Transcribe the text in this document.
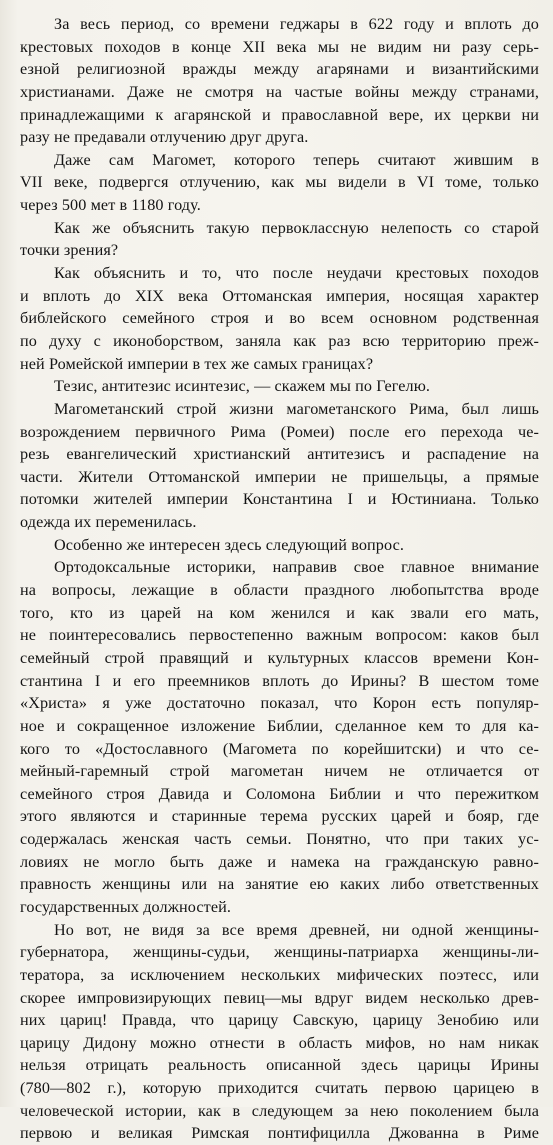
За весь период, со времени геджары в 622 году и вплоть до
крестовых походов в конце XII века мы не видим ни разу серь-
езной религиозной вражды между агарянами и византийскими
христианами. Даже не смотря на частые войны между странами,
принадлежащими к агарянской и православной вере, их церкви ни
разу не предавали отлучению друг друга.
Даже сам Магомет, которого теперь считают жившим в
VII веке, подвергся отлучению, как мы видели в VI томе, только
через 500 мет в 1180 году.
Как же объяснить такую первоклассную нелепость со старой
точки зрения?
Как объяснить и то, что после неудачи крестовых походов
и вплоть до XIX века Оттоманская империя, носящая характер
библейского семейного строя и во всем основном родственная
по духу с иконоборством, заняла как раз всю территорию преж-
ней Ромейской империи в тех же самых границах?
Тезис, антитезис исинтезис, — скажем мы по Гегелю.
Магометанский строй жизни магометанского Рима, был лишь
возрождением первичного Рима (Ромеи) после его перехода че-
резь евангелический христианский антитезисъ и распадение на
части. Жители Оттоманской империи не пришельцы, а прямые
потомки жителей империи Константина I и Юстиниана. Только
одежда их переменилась.
Особенно же интересен здесь следующий вопрос.
Ортодоксальные историки, направив свое главное внимание
на вопросы, лежащие в области праздного любопытства вроде
того, кто из царей на ком женился и как звали его мать,
не поинтересовались первостепенно важным вопросом: каков был
семейный строй правящий и культурных классов времени Кон-
стантина I и его преемников вплоть до Ирины? В шестом томе
«Христа» я уже достаточно показал, что Корон есть популяр-
ное и сокращенное изложение Библии, сделанное кем то для ка-
кого то «Достославного (Магомета по корейшитски) и что се-
мейный-гаремный строй магометан ничем не отличается от
семейного строя Давида и Соломона Библии и что пережитком
этого являются и старинные терема русских царей и бояр, где
содержалась женская часть семьи. Понятно, что при таких ус-
ловиях не могло быть даже и намека на гражданскую равно-
правность женщины или на занятие ею каких либо ответственных
государственных должностей.
Но вот, не видя за все время древней, ни одной женщины-
губернатора, женщины-судьи, женщины-патриарха женщины-ли-
тератора, за исключением нескольких мифических поэтесс, или
скорее импровизирующих певиц—мы вдруг видем несколько древ-
них цариц! Правда, что царицу Савскую, царицу Зенобию или
царицу Дидону можно отнести в область мифов, но нам никак
нельзя отрицать реальность описанной здесь царицы Ирины
(780—802 г.), которую приходится считать первою царицею в
человеческой истории, как в следующем за нею поколением была
первою и великая Римская понтифицилла Джованна в Риме
